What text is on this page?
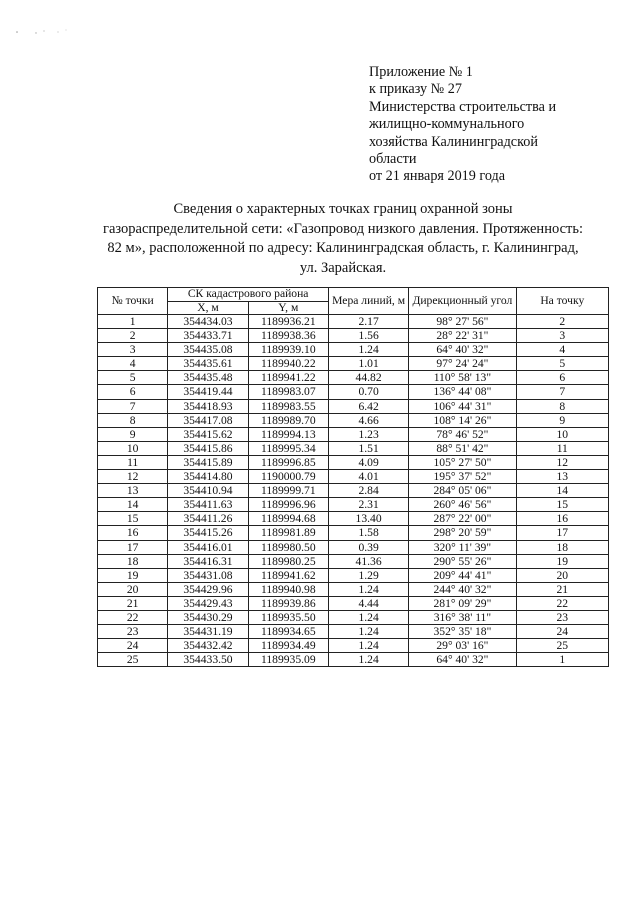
Приложение № 1
к приказу № 27
Министерства строительства и
жилищно-коммунального
хозяйства Калининградской
области
от 21 января 2019 года
Сведения о характерных точках границ охранной зоны
газораспределительной сети: «Газопровод низкого давления. Протяженность:
82 м», расположенной по адресу: Калининградская область, г. Калининград,
ул. Зарайская.
№ точки	СК кадастрового района		Мера линий, м	Дирекционный угол	На точку
	X, м	Y, м			
1	354434.03	1189936.21	2.17	98° 27' 56"	2
2	354433.71	1189938.36	1.56	28° 22' 31"	3
3	354435.08	1189939.10	1.24	64° 40' 32"	4
4	354435.61	1189940.22	1.01	97° 24' 24"	5
5	354435.48	1189941.22	44.82	110° 58' 13"	6
6	354419.44	1189983.07	0.70	136° 44' 08"	7
7	354418.93	1189983.55	6.42	106° 44' 31"	8
8	354417.08	1189989.70	4.66	108° 14' 26"	9
9	354415.62	1189994.13	1.23	78° 46' 52"	10
10	354415.86	1189995.34	1.51	88° 51' 42"	11
11	354415.89	1189996.85	4.09	105° 27' 50"	12
12	354414.80	1190000.79	4.01	195° 37' 52"	13
13	354410.94	1189999.71	2.84	284° 05' 06"	14
14	354411.63	1189996.96	2.31	260° 46' 56"	15
15	354411.26	1189994.68	13.40	287° 22' 00"	16
16	354415.26	1189981.89	1.58	298° 20' 59"	17
17	354416.01	1189980.50	0.39	320° 11' 39"	18
18	354416.31	1189980.25	41.36	290° 55' 26"	19
19	354431.08	1189941.62	1.29	209° 44' 41"	20
20	354429.96	1189940.98	1.24	244° 40' 32"	21
21	354429.43	1189939.86	4.44	281° 09' 29"	22
22	354430.29	1189935.50	1.24	316° 38' 11"	23
23	354431.19	1189934.65	1.24	352° 35' 18"	24
24	354432.42	1189934.49	1.24	29° 03' 16"	25
25	354433.50	1189935.09	1.24	64° 40' 32"	1
